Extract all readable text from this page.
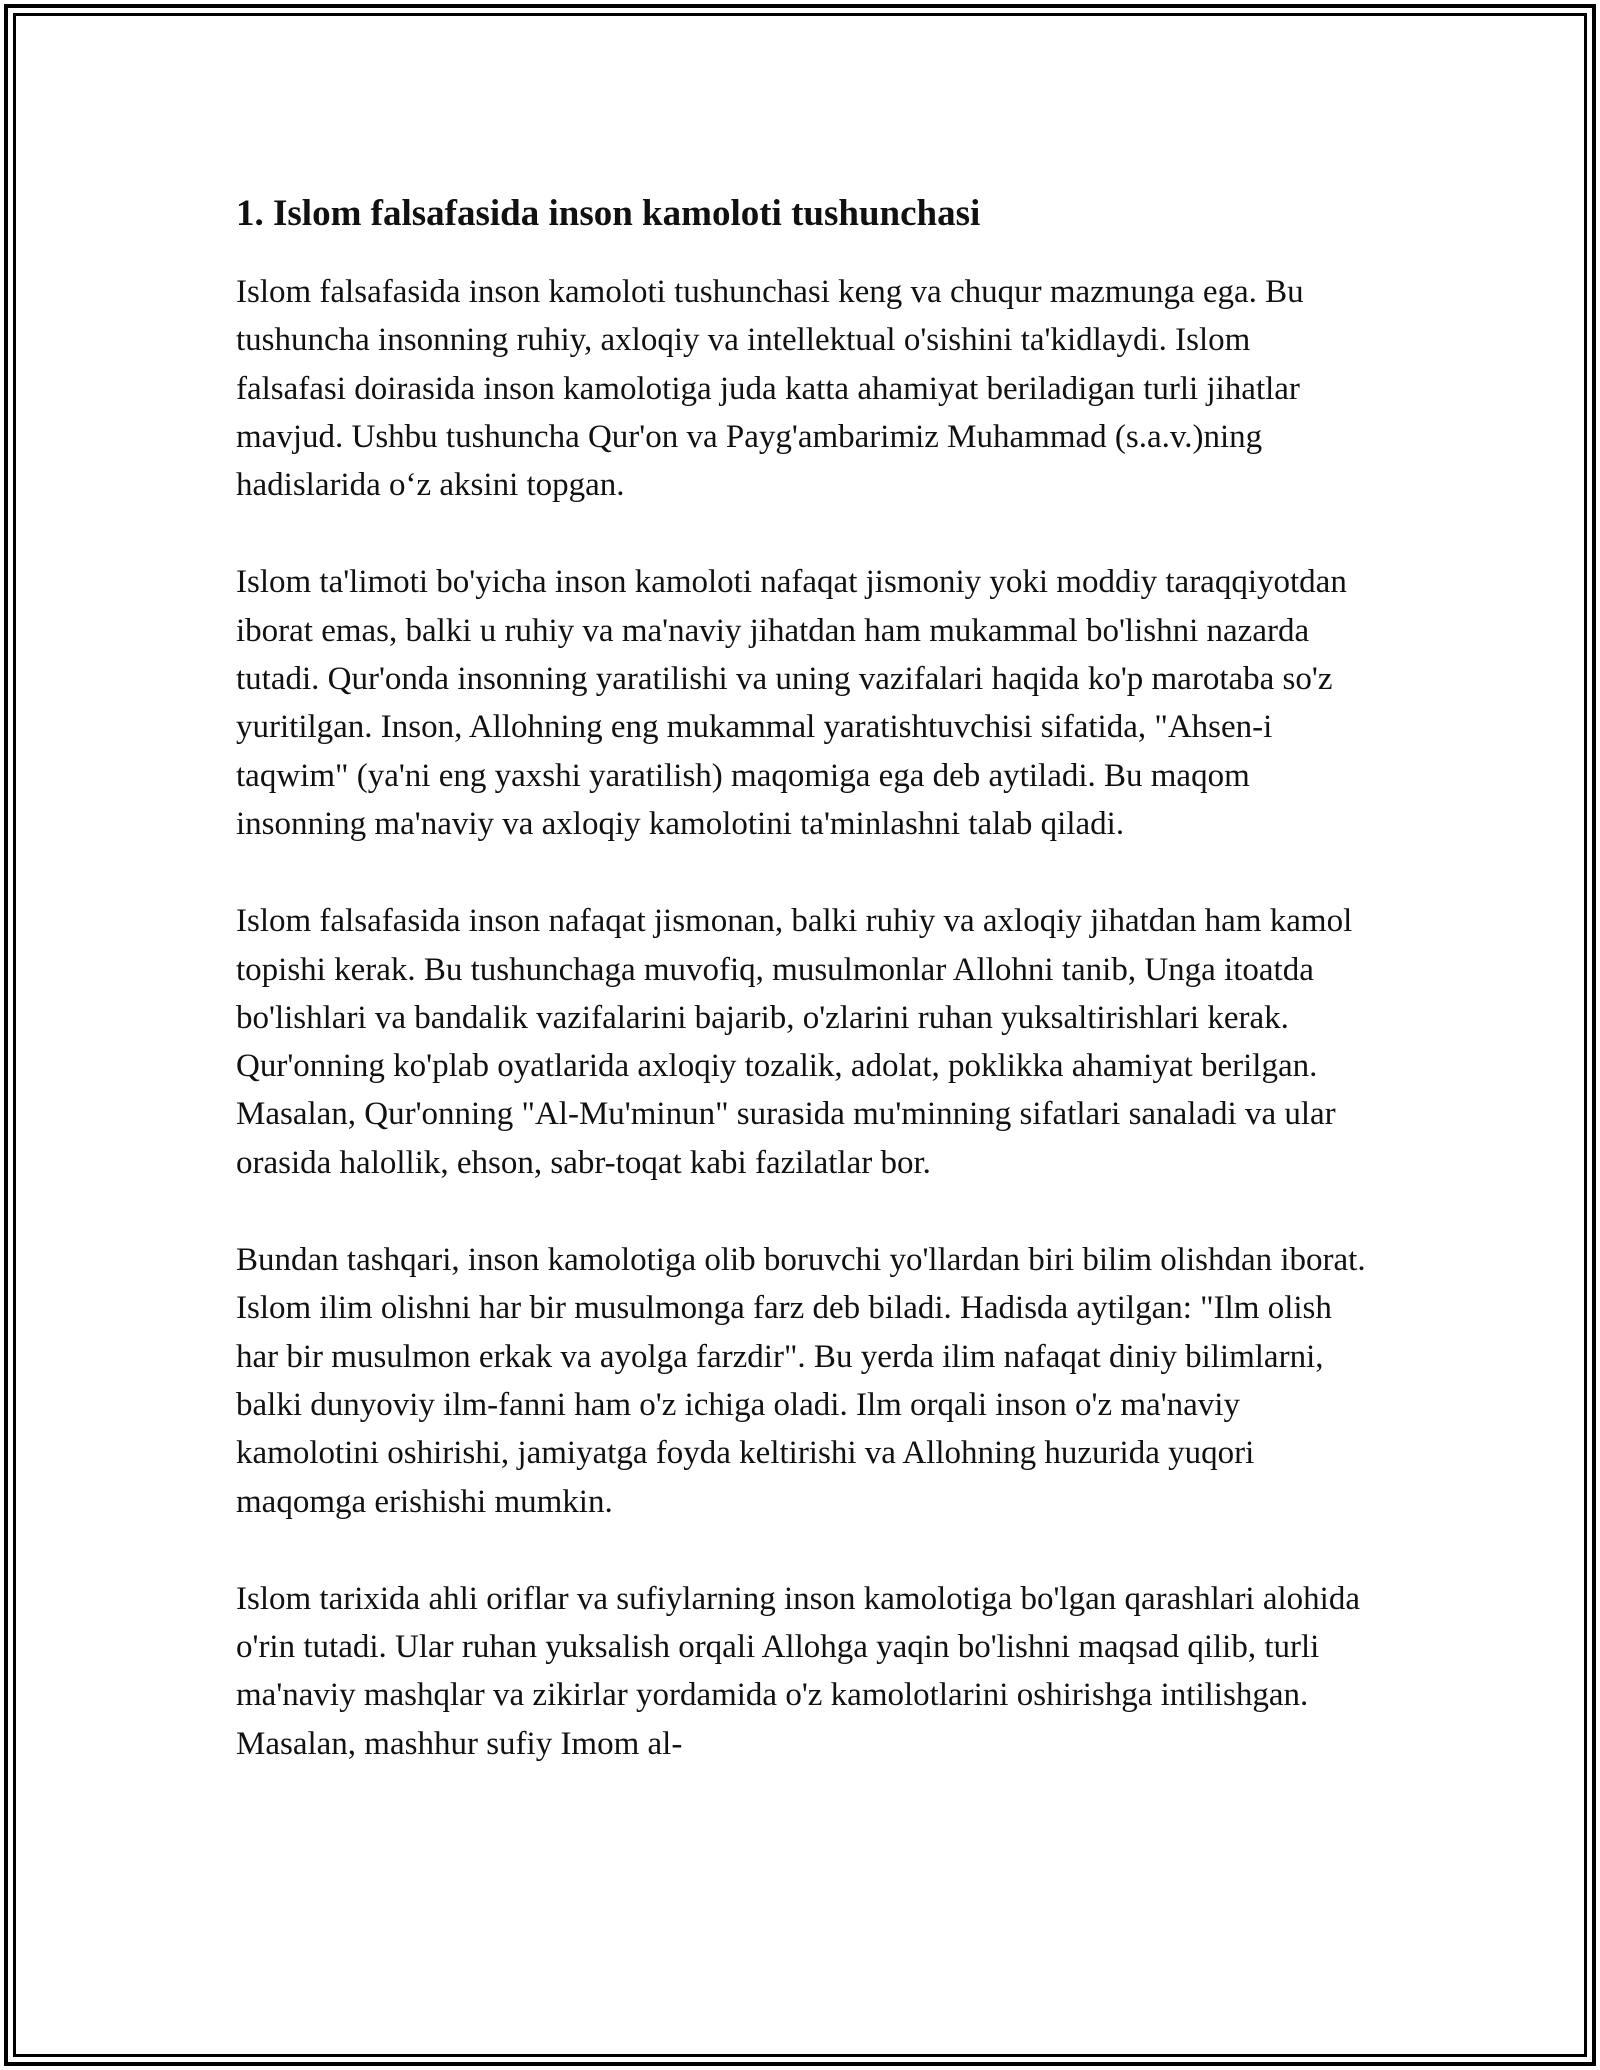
1. Islom falsafasida inson kamoloti tushunchasi

Islom falsafasida inson kamoloti tushunchasi keng va chuqur mazmunga ega. Bu tushuncha insonning ruhiy, axloqiy va intellektual o'sishini ta'kidlaydi. Islom falsafasi doirasida inson kamolotiga juda katta ahamiyat beriladigan turli jihatlar mavjud. Ushbu tushuncha Qur'on va Payg'ambarimiz Muhammad (s.a.v.)ning hadislarida o‘z aksini topgan.

Islom ta'limoti bo'yicha inson kamoloti nafaqat jismoniy yoki moddiy taraqqiyotdan iborat emas, balki u ruhiy va ma'naviy jihatdan ham mukammal bo'lishni nazarda tutadi. Qur'onda insonning yaratilishi va uning vazifalari haqida ko'p marotaba so'z yuritilgan. Inson, Allohning eng mukammal yaratishtuvchisi sifatida, "Ahsen-i taqwim" (ya'ni eng yaxshi yaratilish) maqomiga ega deb aytiladi. Bu maqom insonning ma'naviy va axloqiy kamolotini ta'minlashni talab qiladi.

Islom falsafasida inson nafaqat jismonan, balki ruhiy va axloqiy jihatdan ham kamol topishi kerak. Bu tushunchaga muvofiq, musulmonlar Allohni tanib, Unga itoatda bo'lishlari va bandalik vazifalarini bajarib, o'zlarini ruhan yuksaltirishlari kerak. Qur'onning ko'plab oyatlarida axloqiy tozalik, adolat, poklikka ahamiyat berilgan. Masalan, Qur'onning "Al-Mu'minun" surasida mu'minning sifatlari sanaladi va ular orasida halollik, ehson, sabr-toqat kabi fazilatlar bor.

Bundan tashqari, inson kamolotiga olib boruvchi yo'llardan biri bilim olishdan iborat. Islom ilim olishni har bir musulmonga farz deb biladi. Hadisda aytilgan: "Ilm olish har bir musulmon erkak va ayolga farzdir". Bu yerda ilim nafaqat diniy bilimlarni, balki dunyoviy ilm-fanni ham o'z ichiga oladi. Ilm orqali inson o'z ma'naviy kamolotini oshirishi, jamiyatga foyda keltirishi va Allohning huzurida yuqori maqomga erishishi mumkin.

Islom tarixida ahli oriflar va sufiylarning inson kamolotiga bo'lgan qarashlari alohida o'rin tutadi. Ular ruhan yuksalish orqali Allohga yaqin bo'lishni maqsad qilib, turli ma'naviy mashqlar va zikirlar yordamida o'z kamolotlarini oshirishga intilishgan. Masalan, mashhur sufiy Imom al-
